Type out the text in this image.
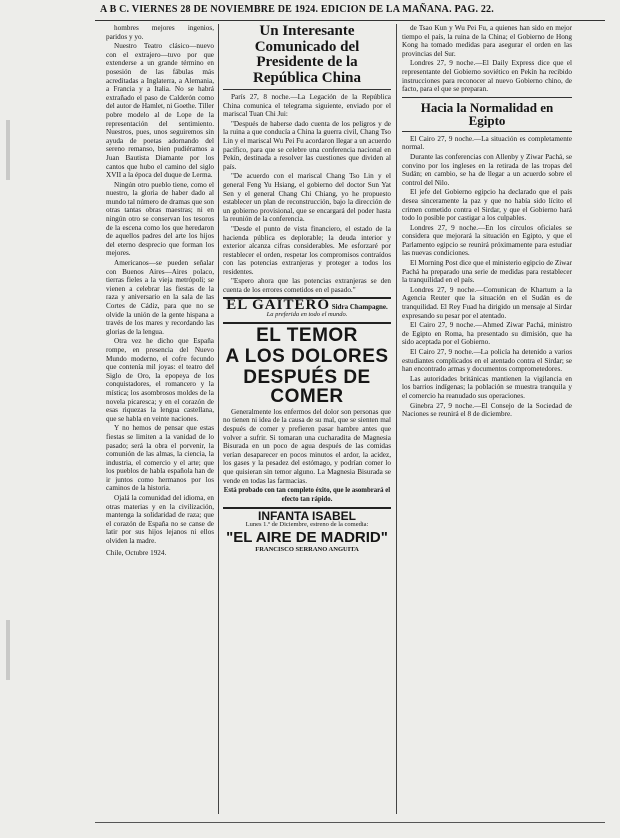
A B C. VIERNES 28 DE NOVIEMBRE DE 1924. EDICION DE LA MAÑANA. PAG. 22.

hombres mejores ingenios, paridos y yo.

Nuestro Teatro clásico—nuevo con el extrajero—tuvo por que extenderse a un grande término en posesión de las fábulas más acreditadas a Inglaterra, a Alemania, a Francia y a Italia. No se habrá extrañado el paso de Calderón como del autor de Hamlet, ni Goethe. Tiller pobre modelo al de Lope de la representación del sentimiento. Nuestros, pues, unos seguiremos sin ayuda de poetas adornando del sereno remanso, bien pudiéramos a Juan Bautista Diamante por los cantos que hubo el camino del siglo XVII a la época del duque de Lerma.

Ningún otro pueblo tiene, como el nuestro, la gloria de haber dado al mundo tal número de dramas que son otras tantas obras maestras; ni en ningún otro se conservan los tesoros de la escena como los que heredaron de aquellos padres del arte los hijos del eterno desprecio que forman los mejores.

Americanos—se pueden señalar con Buenos Aires—Aires polaco, tierras fieles a la vieja metrópoli; se vienen a celebrar las fiestas de la raza y aniversario en la sala de las Cortes de Cádiz, para que no se olvide la unión de la gente hispana a través de los mares y recordando las glorias de la lengua.

Otra vez he dicho que España rompe, en presencia del Nuevo Mundo moderno, el cofre fecundo que contenía mil joyas: el teatro del Siglo de Oro, la epopeya de los conquistadores, el romancero y la mística; los asombrosos moldes de la novela picaresca; y en el corazón de esas riquezas la lengua castellana, que se habla en veinte naciones.

Y no hemos de pensar que estas fiestas se limiten a la vanidad de lo pasado; será la obra el porvenir, la comunión de las almas, la ciencia, la industria, el comercio y el arte; que los pueblos de habla española han de ir juntos como hermanos por los caminos de la historia.

Ojalá la comunidad del idioma, en otras materias y en la civilización, mantenga la solidaridad de raza; que el corazón de España no se canse de latir por sus hijos lejanos ni ellos olviden la madre.

Chile, Octubre 1924.

Un Interesante Comunicado del Presidente de la República China

París 27, 8 noche.—La Legación de la República China comunica el telegrama siguiente, enviado por el mariscal Tuan Chi Jui:

"Después de haberse dado cuenta de los peligros y de la ruina a que conducía a China la guerra civil, Chang Tso Lin y el mariscal Wu Pei Fu acordaron llegar a un acuerdo pacífico, para que se celebre una conferencia nacional en Pekín, destinada a resolver las cuestiones que dividen al país.

"De acuerdo con el mariscal Chang Tso Lin y el general Feng Yu Hsiang, el gobierno del doctor Sun Yat Sen y el general Chang Chi Chiang, yo he propuesto establecer un plan de reconstrucción, bajo la dirección de un gobierno provisional, que se encargará del poder hasta la reunión de la conferencia.

"Desde el punto de vista financiero, el estado de la hacienda pública es deplorable; la deuda interior y exterior alcanza cifras considerables. Me esforzaré por restablecer el orden, respetar los compromisos contraídos con las potencias extranjeras y proteger a todos los residentes.

"Espero ahora que las potencias extranjeras se den cuenta de los errores cometidos en el pasado."

EL GAITERO Sidra Champagne.
La preferida en todo el mundo.
EL TEMOR
A LOS DOLORES
DESPUÉS DE COMER

Generalmente los enfermos del dolor son personas que no tienen ni idea de la causa de su mal, que se sienten mal después de comer y prefieren pasar hambre antes que volver a sufrir. Si tomaran una cucharadita de Magnesia Bisurada en un poco de agua después de las comidas verían desaparecer en pocos minutos el ardor, la acidez, los gases y la pesadez del estómago, y podrían comer lo que quisieran sin temor alguno. La Magnesia Bisurada se vende en todas las farmacias.

Está probado con tan completo éxito, que le asombrará el efecto tan rápido.
INFANTA ISABEL
Lunes 1.º de Diciembre, estreno de la comedia:
"EL AIRE DE MADRID"
FRANCISCO SERRANO ANGUITA

de Tsao Kun y Wu Pei Fu, a quienes han sido en mejor tiempo el país, la ruina de la China; el Gobierno de Hong Kong ha tomado medidas para asegurar el orden en las provincias del Sur.

Londres 27, 9 noche.—El Daily Express dice que el representante del Gobierno soviético en Pekín ha recibido instrucciones para reconocer al nuevo Gobierno chino, de facto, para el que se preparan.

Hacia la Normalidad en Egipto

El Cairo 27, 9 noche.—La situación es completamente normal.

Durante las conferencias con Allenby y Ziwar Pachá, se convino por los ingleses en la retirada de las tropas del Sudán; en cambio, se ha de llegar a un acuerdo sobre el control del Nilo.

El jefe del Gobierno egipcio ha declarado que el país desea sinceramente la paz y que no había sido lícito el crimen cometido contra el Sirdar, y que el Gobierno hará todo lo posible por castigar a los culpables.

Londres 27, 9 noche.—En los círculos oficiales se considera que mejorará la situación en Egipto, y que el Parlamento egipcio se reunirá próximamente para estudiar las nuevas condiciones.

El Morning Post dice que el ministerio egipcio de Ziwar Pachá ha preparado una serie de medidas para restablecer la tranquilidad en el país.

Londres 27, 9 noche.—Comunican de Khartum a la Agencia Reuter que la situación en el Sudán es de tranquilidad. El Rey Fuad ha dirigido un mensaje al Sirdar expresando su pesar por el atentado.

El Cairo 27, 9 noche.—Ahmed Ziwar Pachá, ministro de Egipto en Roma, ha presentado su dimisión, que ha sido aceptada por el Gobierno.

El Cairo 27, 9 noche.—La policía ha detenido a varios estudiantes complicados en el atentado contra el Sirdar; se han encontrado armas y documentos comprometedores.

Las autoridades británicas mantienen la vigilancia en los barrios indígenas; la población se muestra tranquila y el comercio ha reanudado sus operaciones.

Ginebra 27, 9 noche.—El Consejo de la Sociedad de Naciones se reunirá el 8 de diciembre.
